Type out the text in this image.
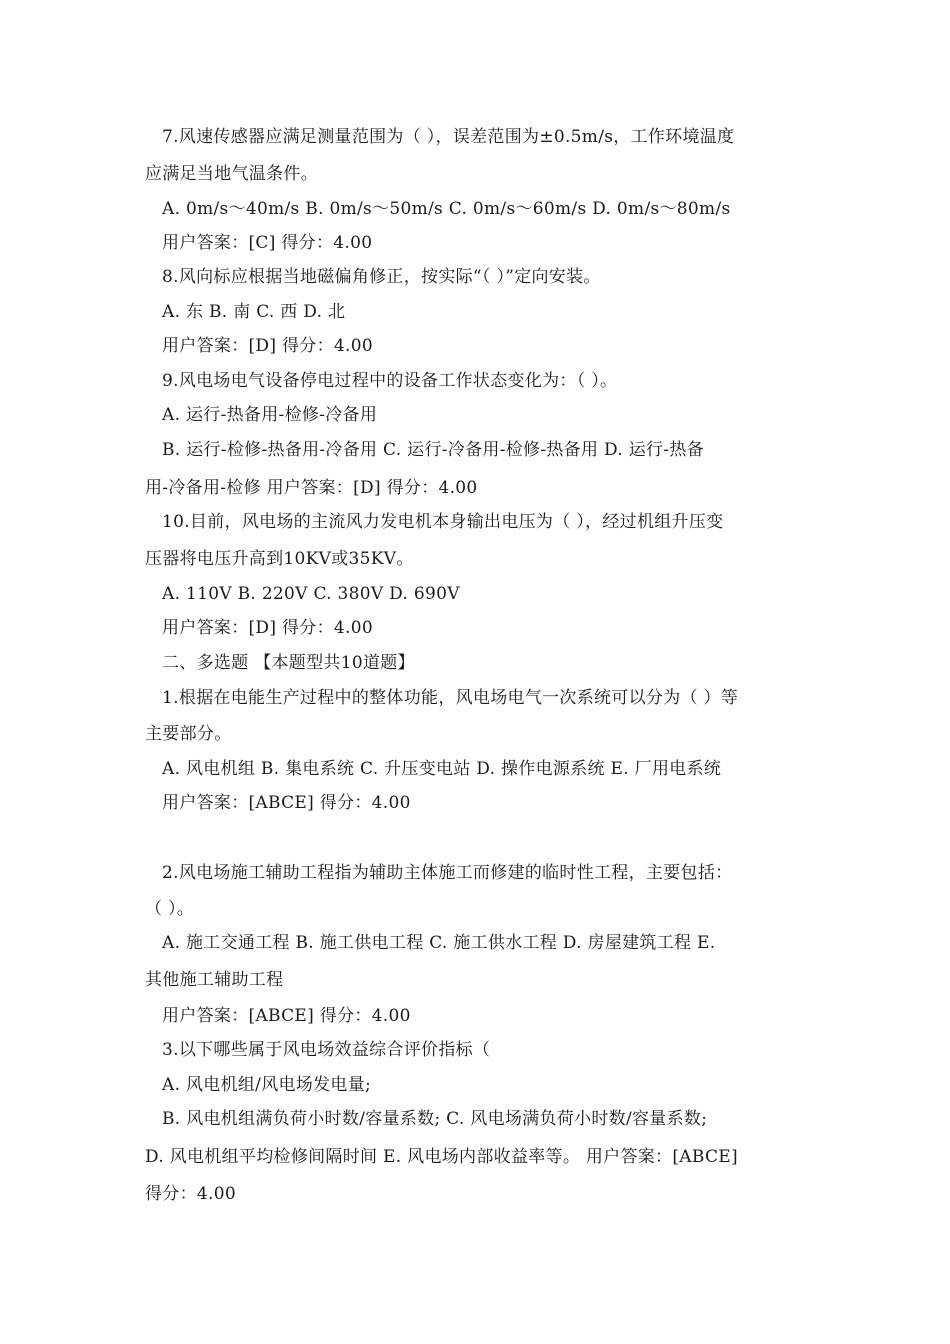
7.风速传感器应满足测量范围为（ ），误差范围为±0.5m/s，工作环境温度
应满足当地气温条件。
A. 0m/s～40m/s B. 0m/s～50m/s C. 0m/s～60m/s D. 0m/s～80m/s
用户答案：[C] 得分：4.00
8.风向标应根据当地磁偏角修正，按实际“（ ）”定向安装。
A. 东 B. 南 C. 西 D. 北
用户答案：[D] 得分：4.00
9.风电场电气设备停电过程中的设备工作状态变化为：（ ）。
A. 运行-热备用-检修-冷备用
B. 运行-检修-热备用-冷备用 C. 运行-冷备用-检修-热备用 D. 运行-热备
用-冷备用-检修 用户答案：[D] 得分：4.00
10.目前，风电场的主流风力发电机本身输出电压为（ ），经过机组升压变
压器将电压升高到10KV或35KV。
A. 110V B. 220V C. 380V D. 690V
用户答案：[D] 得分：4.00
二、多选题 【本题型共10道题】
1.根据在电能生产过程中的整体功能，风电场电气一次系统可以分为（ ）等
主要部分。
A. 风电机组 B. 集电系统 C. 升压变电站 D. 操作电源系统 E. 厂用电系统
用户答案：[ABCE] 得分：4.00
2.风电场施工辅助工程指为辅助主体施工而修建的临时性工程，主要包括：
（ ）。
A. 施工交通工程 B. 施工供电工程 C. 施工供水工程 D. 房屋建筑工程 E.
其他施工辅助工程
用户答案：[ABCE] 得分：4.00
3.以下哪些属于风电场效益综合评价指标（
A. 风电机组/风电场发电量;
B. 风电机组满负荷小时数/容量系数; C. 风电场满负荷小时数/容量系数;
D. 风电机组平均检修间隔时间 E. 风电场内部收益率等。 用户答案：[ABCE]
得分：4.00
